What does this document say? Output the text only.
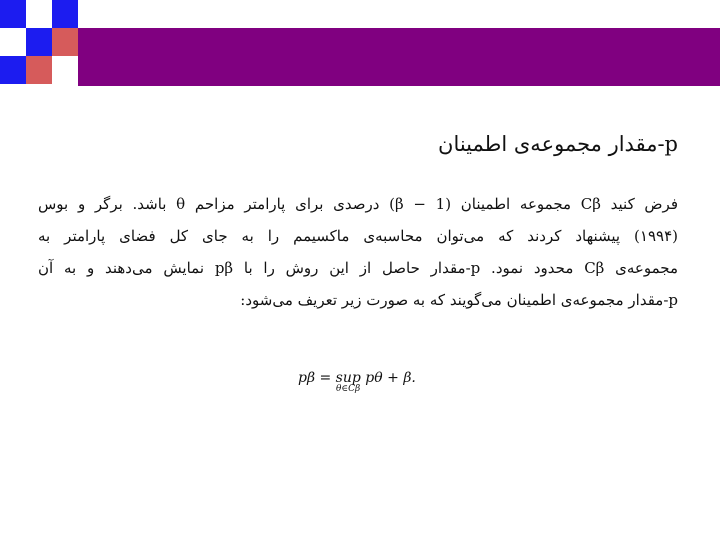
p-مقدار مجموعه‌ی اطمینان
فرض کنید Cβ مجموعه اطمینان (β − 1) درصدی برای پارامتر مزاحم θ باشد. برگر و بوس
(۱۹۹۴) پیشنهاد کردند که می‌توان محاسبه‌ی ماکسیمم را به جای کل فضای پارامتر به
مجموعه‌ی Cβ محدود نمود. p-مقدار حاصل از این روش را با pβ نمایش می‌دهند و به آن
p-مقدار مجموعه‌ی اطمینان می‌گویند که به صورت زیر تعریف می‌شود:
pβ = sup pθ + β.
θ∈Cβ
